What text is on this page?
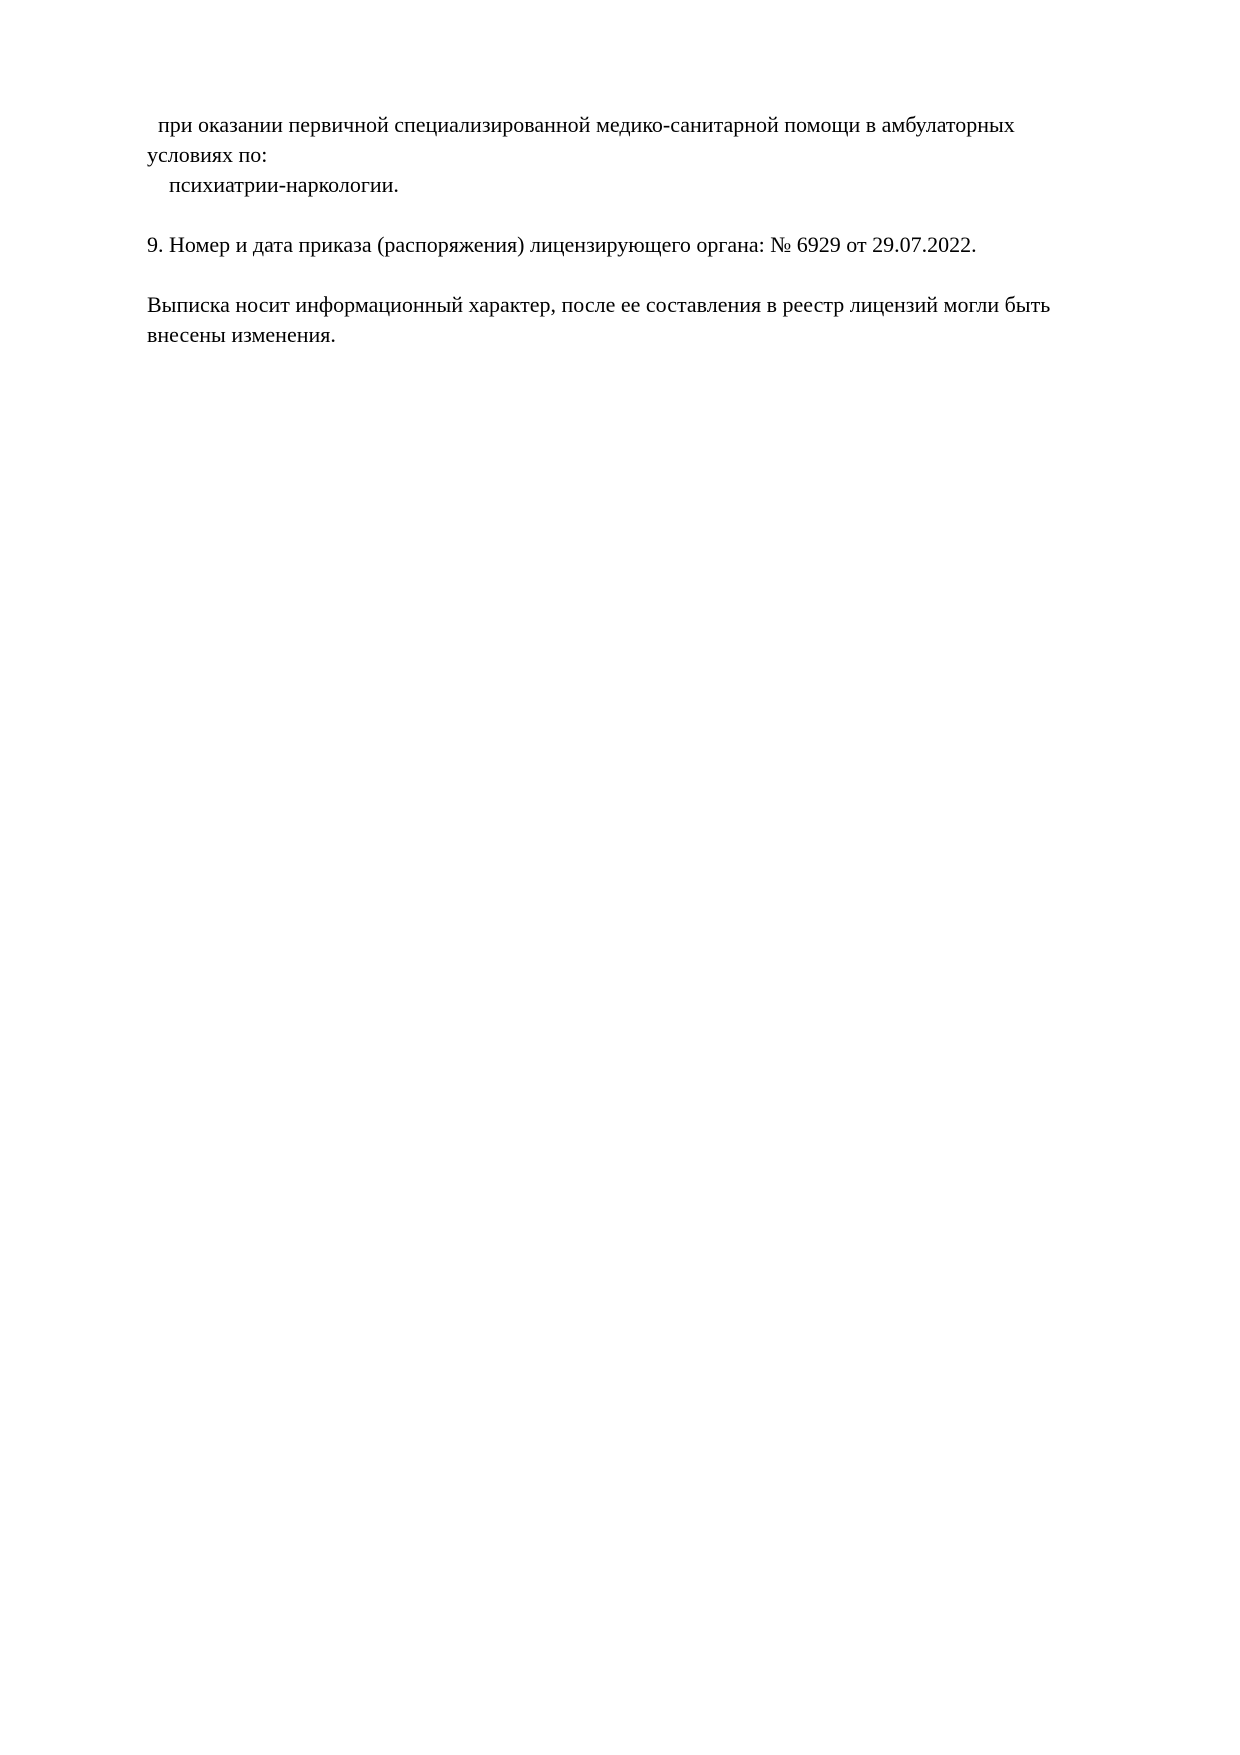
при оказании первичной специализированной медико-санитарной помощи в амбулаторных
условиях по:
психиатрии-наркологии.
9. Номер и дата приказа (распоряжения) лицензирующего органа: № 6929 от 29.07.2022.
Выписка носит информационный характер, после ее составления в реестр лицензий могли быть
внесены изменения.
